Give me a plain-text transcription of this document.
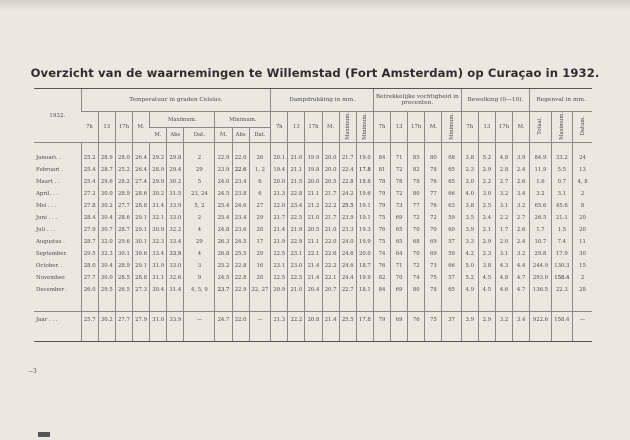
Overzicht van de waarnemingen te Willemstad (Fort Amsterdam) op Curaçao in 1932.
1932.	Temperatuur in graden Celsius.										Dampdrukking in mm.						Betrekkelijke vochtigheid in procenten.					Bewolking (0—10).				Regenval in mm.		
	7h	13	17h	M.	Maximum.			Minimum.			7h	13	17h	M.	Maximum.	Minimum.	7h	13	17h	M.	Minimum.	7h	13	17h	M.	Totaal.	Maximum.	Datum.
					M.	Abs	Dat.	M.	Abs	Dat.																		

Januari. .	25.2	28.9	28.0	26.4	29.2	29.8	2	22.9	22.0	26	20.1	21.0	19.9	20.0	21.7	19.0	84	71	85	80	68	3.8	5.2	4.8	3.9	84.9	33.2	24
Februari .	25.4	28.7	25.2	26.4	28.9	29.4	29	23.9	22.6	1, 2	19.4	21.1	19.8	20.0	22.4	17.8	81	72	82	78	65	2.3	2.9	2.8	2.4	11.9	5.5	13
Maart . .	25.4	29.6	28.2	27.4	29.9	30.2	5	24.0	23.4	6	20.0	21.5	20.0	20.5	22.8	18.8	78	78	79	76	65	3.0	2.2	2.7	2.6	1.6	0.7	4, 8
April. . .	27.2	30.0	28.9	28.6	30.2	31.5	23, 24	24.5	23.8	6	21.3	22.8	21.1	21.7	24.2	19.6	79	72	80	77	66	4.0	3.0	3.2	3.4	3.2	3.1	2
Mei . . .	27.8	30.2	27.7	28.8	31.4	33.9	5, 2	25.4	24.6	27	22.0	23.4	21.2	22.2	25.5	19.1	79	73	77	76	63	3.8	2.5	3.1	3.2	65.6	45.6	8
Juni . . .	28.4	30.4	28.6	29.1	32.1	33.0	2	25.4	23.4	29	21.7	22.5	21.0	21.7	23.9	19.1	75	69	72	72	59	3.5	2.4	2.2	2.7	26.5	21.1	20
Juli . . .	27.9	30.7	28.7	29.1	30.9	32.2	4	24.8	23.6	20	21.4	21.9	20.5	21.0	23.3	19.3	76	65	70	70	60	3.9	2.1	1.7	2.6	1.7	1.5	20
Augustus .	28.7	32.0	29.6	30.1	32.3	33.4	29	26.3	24.5	17	21.9	22.9	21.1	22.0	24.0	19.9	75	65	68	69	57	3.3	2.9	2.0	2.4	10.7	7.4	11
September.	29.5	32.3	30.1	30.6	33.4	33.9	4	26.8	25.5	29	22.5	23.1	22.1	22.6	24.6	20.0	74	64	70	69	59	4.2	2.3	3.1	3.2	29.8	17.9	30
October. .	28.0	30.4	28.9	29.1	31.9	33.0	3	25.2	22.8	16	23.1	23.0	21.4	22.2	24.6	18.7	76	71	72	73	66	5.0	3.8	4.3	4.4	244.9	130.3	15
November.	27.7	30.0	28.5	28.8	31.1	32.6	9	24.5	22.8	20	22.5	22.5	21.4	22.1	24.4	19.9	82	70	74	75	57	5.2	4.5	4.8	4.7	293.0	158.4	2
December .	26.0	29.5	26.5	27.3	30.4	31.4	4, 5, 9	23.7	22.9	22, 27	20.9	21.0	20.4	20.7	22.7	18.1	84	69	80	78	65	4.9	4.5	4.6	4.7	136.5	22.3	28

Jaar . . .	25.7	30.2	27.7	27.9	31.0	33.9	—	24.7	22.0	—	21.3	22.2	20.8	21.4	25.5	17.8	79	69	76	75	37	3.9	2.9	3.2	3.4	922.6	158.4	—

−3
